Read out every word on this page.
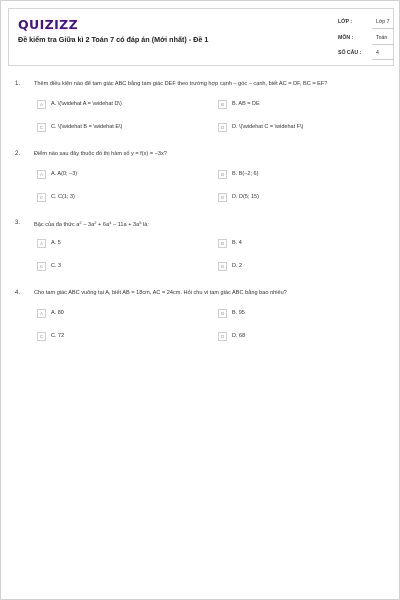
QUIZIZZ
Đề kiểm tra Giữa kì 2 Toán 7 có đáp án (Mới nhất) - Đề 1
LỚP :	Lớp 7
MÔN :	Toán
SỐ CÂU :	4
1. Thêm điều kiện nào để tam giác ABC bằng tam giác DEF theo trường hợp cạnh – góc – cạnh, biết AC = DF, BC = EF?
A	A. \(\widehat A = \widehat D\)	B	B. AB = DE
C	C. \(\widehat B = \widehat E\)	D	D. \(\widehat C = \widehat F\)
2. Điểm nào sau đây thuộc đồ thị hàm số y = f(x) = −3x?
A	A. A(0; −3)	B	B. B(−2; 6)
C	C. C(1; 3)	D	D. D(5; 15)
3. Bậc của đa thức $a^2 - 3a^2 + 6a^4 - 11a + 3a^5$ là:
A	A. 5	B	B. 4
C	C. 3	D	D. 2
4. Cho tam giác ABC vuông tại A, biết AB = 18cm, AC = 24cm. Hỏi chu vi tam giác ABC bằng bao nhiêu?
A	A. 80	B	B. 95
C	C. 72	D	D. 68
